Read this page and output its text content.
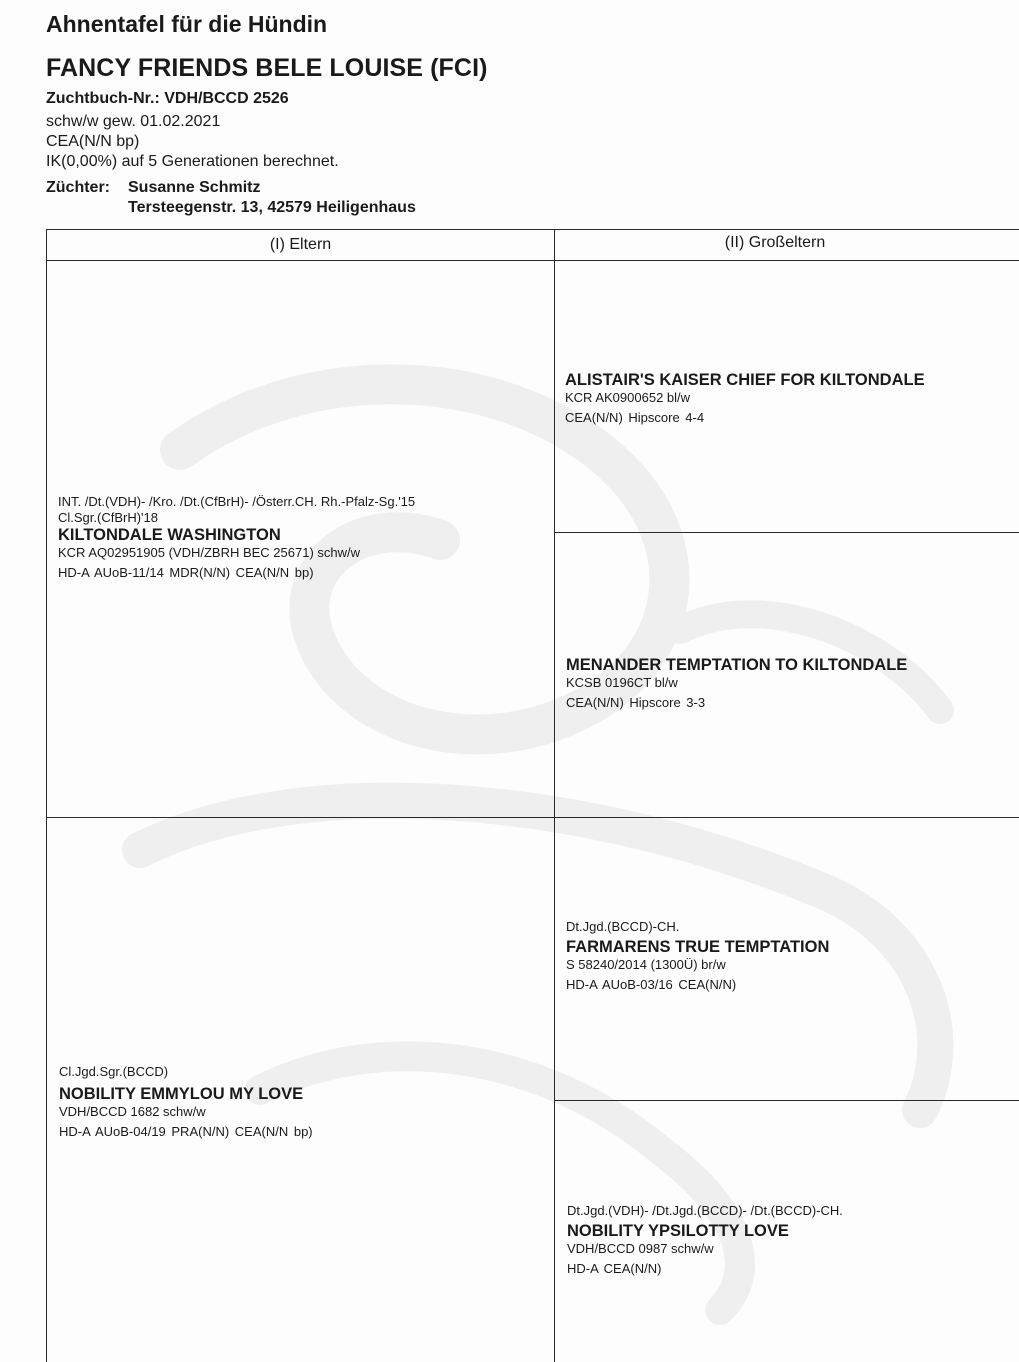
Ahnentafel für die Hündin
FANCY FRIENDS BELE LOUISE (FCI)
Zuchtbuch-Nr.: VDH/BCCD 2526
schw/w gew. 01.02.2021
CEA(N/N bp)
IK(0,00%) auf 5 Generationen berechnet.
Züchter:	Susanne Schmitz
Tersteegenstr. 13, 42579 Heiligenhaus
(I) Eltern	(II) Großeltern
INT. /Dt.(VDH)- /Kro. /Dt.(CfBrH)- /Österr.CH. Rh.-Pfalz-Sg.'15
Cl.Sgr.(CfBrH)'18
KILTONDALE WASHINGTON
KCR AQ02951905 (VDH/ZBRH BEC 25671) schw/w
HD-A AUoB-11/14 MDR(N/N) CEA(N/N bp)
Cl.Jgd.Sgr.(BCCD)
NOBILITY EMMYLOU MY LOVE
VDH/BCCD 1682 schw/w
HD-A AUoB-04/19 PRA(N/N) CEA(N/N bp)
ALISTAIR'S KAISER CHIEF FOR KILTONDALE
KCR AK0900652 bl/w
CEA(N/N) Hipscore 4-4
MENANDER TEMPTATION TO KILTONDALE
KCSB 0196CT bl/w
CEA(N/N) Hipscore 3-3
Dt.Jgd.(BCCD)-CH.
FARMARENS TRUE TEMPTATION
S 58240/2014 (1300Ü) br/w
HD-A AUoB-03/16 CEA(N/N)
Dt.Jgd.(VDH)- /Dt.Jgd.(BCCD)- /Dt.(BCCD)-CH.
NOBILITY YPSILOTTY LOVE
VDH/BCCD 0987 schw/w
HD-A CEA(N/N)
